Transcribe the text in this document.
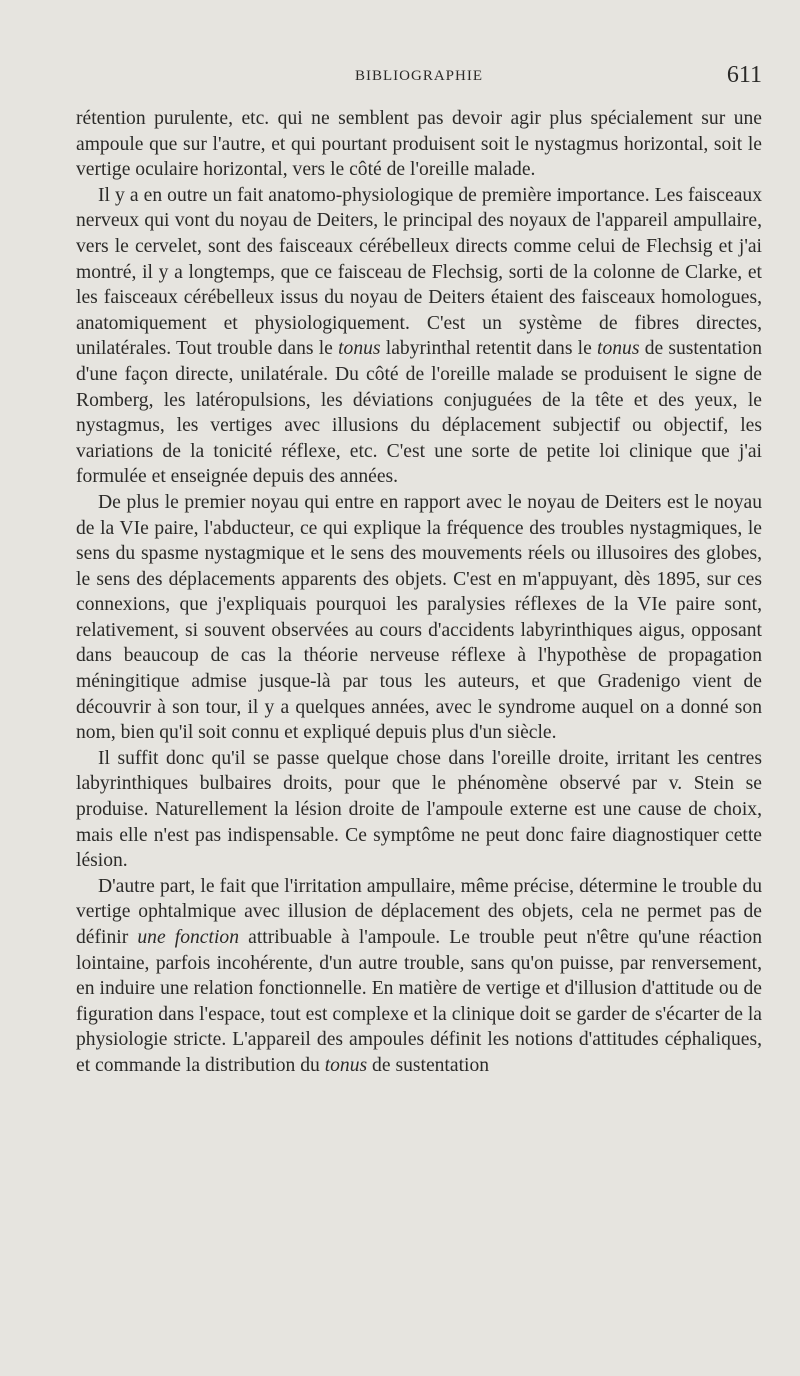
BIBLIOGRAPHIE	611

rétention purulente, etc. qui ne semblent pas devoir agir plus spécialement sur une ampoule que sur l'autre, et qui pourtant produisent soit le nystagmus horizontal, soit le vertige oculaire horizontal, vers le côté de l'oreille malade.

Il y a en outre un fait anatomo-physiologique de première importance. Les faisceaux nerveux qui vont du noyau de Deiters, le principal des noyaux de l'appareil ampullaire, vers le cervelet, sont des faisceaux cérébelleux directs comme celui de Flechsig et j'ai montré, il y a longtemps, que ce faisceau de Flechsig, sorti de la colonne de Clarke, et les faisceaux cérébelleux issus du noyau de Deiters étaient des faisceaux homologues, anatomiquement et physiologiquement. C'est un système de fibres directes, unilatérales. Tout trouble dans le tonus labyrinthal retentit dans le tonus de sustentation d'une façon directe, unilatérale. Du côté de l'oreille malade se produisent le signe de Romberg, les latéropulsions, les déviations conjuguées de la tête et des yeux, le nystagmus, les vertiges avec illusions du déplacement subjectif ou objectif, les variations de la tonicité réflexe, etc. C'est une sorte de petite loi clinique que j'ai formulée et enseignée depuis des années.

De plus le premier noyau qui entre en rapport avec le noyau de Deiters est le noyau de la VIe paire, l'abducteur, ce qui explique la fréquence des troubles nystagmiques, le sens du spasme nystagmique et le sens des mouvements réels ou illusoires des globes, le sens des déplacements apparents des objets. C'est en m'appuyant, dès 1895, sur ces connexions, que j'expliquais pourquoi les paralysies réflexes de la VIe paire sont, relativement, si souvent observées au cours d'accidents labyrinthiques aigus, opposant dans beaucoup de cas la théorie nerveuse réflexe à l'hypothèse de propagation méningitique admise jusque-là par tous les auteurs, et que Gradenigo vient de découvrir à son tour, il y a quelques années, avec le syndrome auquel on a donné son nom, bien qu'il soit connu et expliqué depuis plus d'un siècle.

Il suffit donc qu'il se passe quelque chose dans l'oreille droite, irritant les centres labyrinthiques bulbaires droits, pour que le phénomène observé par v. Stein se produise. Naturellement la lésion droite de l'ampoule externe est une cause de choix, mais elle n'est pas indispensable. Ce symptôme ne peut donc faire diagnostiquer cette lésion.

D'autre part, le fait que l'irritation ampullaire, même précise, détermine le trouble du vertige ophtalmique avec illusion de déplacement des objets, cela ne permet pas de définir une fonction attribuable à l'ampoule. Le trouble peut n'être qu'une réaction lointaine, parfois incohérente, d'un autre trouble, sans qu'on puisse, par renversement, en induire une relation fonctionnelle. En matière de vertige et d'illusion d'attitude ou de figuration dans l'espace, tout est complexe et la clinique doit se garder de s'écarter de la physiologie stricte. L'appareil des ampoules définit les notions d'attitudes céphaliques, et commande la distribution du tonus de sustentation
